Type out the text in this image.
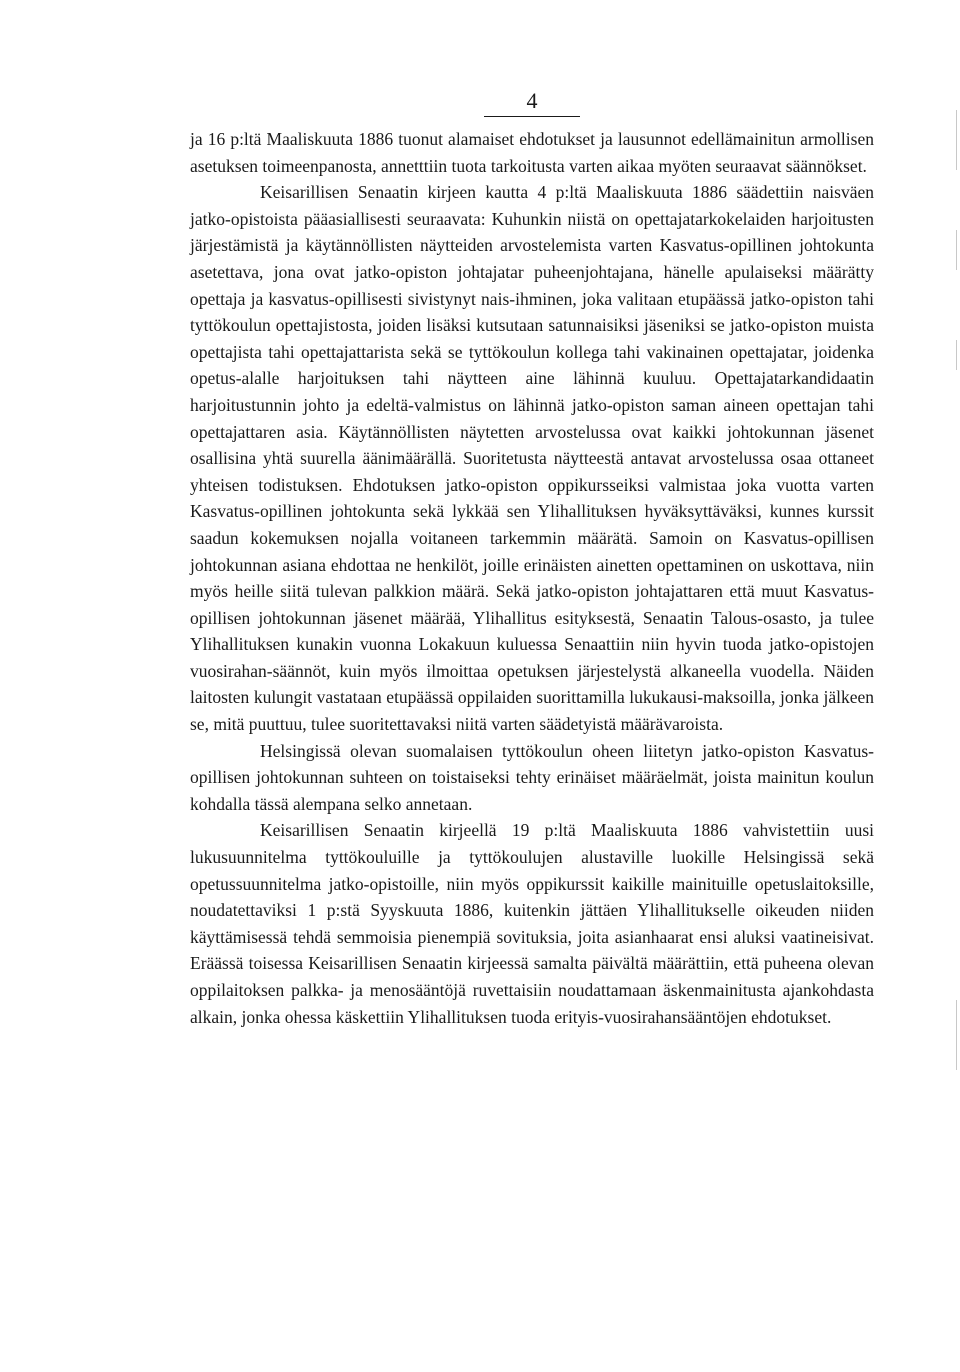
4

ja 16 p:ltä Maaliskuuta 1886 tuonut alamaiset ehdotukset ja lausunnot edellämainitun armollisen asetuksen toimeenpanosta, annetttiin tuota tarkoitusta varten aikaa myöten seuraavat säännökset.

Keisarillisen Senaatin kirjeen kautta 4 p:ltä Maaliskuuta 1886 säädettiin naisväen jatko-opistoista pääasiallisesti seuraavata: Kuhunkin niistä on opettajatarkokelaiden harjoitusten järjestämistä ja käytännöllisten näytteiden arvostelemista varten Kasvatus-opillinen johtokunta asetettava, jona ovat jatko-opiston johtajatar puheenjohtajana, hänelle apulaiseksi määrätty opettaja ja kasvatus-opillisesti sivistynyt nais-ihminen, joka valitaan etupäässä jatko-opiston tahi tyttökoulun opettajistosta, joiden lisäksi kutsutaan satunnaisiksi jäseniksi se jatko-opiston muista opettajista tahi opettajattarista sekä se tyttökoulun kollega tahi vakinainen opettajatar, joidenka opetus-alalle harjoituksen tahi näytteen aine lähinnä kuuluu. Opettajatarkandidaatin harjoitustunnin johto ja edeltä-valmistus on lähinnä jatko-opiston saman aineen opettajan tahi opettajattaren asia. Käytännöllisten näytetten arvostelussa ovat kaikki johtokunnan jäsenet osallisina yhtä suurella äänimäärällä. Suoritetusta näytteestä antavat arvostelussa osaa ottaneet yhteisen todistuksen. Ehdotuksen jatko-opiston oppikursseiksi valmistaa joka vuotta varten Kasvatus-opillinen johtokunta sekä lykkää sen Ylihallituksen hyväksyttäväksi, kunnes kurssit saadun kokemuksen nojalla voitaneen tarkemmin määrätä. Samoin on Kasvatus-opillisen johtokunnan asiana ehdottaa ne henkilöt, joille erinäisten ainetten opettaminen on uskottava, niin myös heille siitä tulevan palkkion määrä. Sekä jatko-opiston johtajattaren että muut Kasvatus-opillisen johtokunnan jäsenet määrää, Ylihallitus esityksestä, Senaatin Talous-osasto, ja tulee Ylihallituksen kunakin vuonna Lokakuun kuluessa Senaattiin niin hyvin tuoda jatko-opistojen vuosirahan-säännöt, kuin myös ilmoittaa opetuksen järjestelystä alkaneella vuodella. Näiden laitosten kulungit vastataan etupäässä oppilaiden suorittamilla lukukausi-maksoilla, jonka jälkeen se, mitä puuttuu, tulee suoritettavaksi niitä varten säädetyistä määrävaroista.

Helsingissä olevan suomalaisen tyttökoulun oheen liitetyn jatko-opiston Kasvatus-opillisen johtokunnan suhteen on toistaiseksi tehty erinäiset määräelmät, joista mainitun koulun kohdalla tässä alempana selko annetaan.

Keisarillisen Senaatin kirjeellä 19 p:ltä Maaliskuuta 1886 vahvistettiin uusi lukusuunnitelma tyttökouluille ja tyttökoulujen alustaville luokille Helsingissä sekä opetussuunnitelma jatko-opistoille, niin myös oppikurssit kaikille mainituille opetuslaitoksille, noudatettaviksi 1 p:stä Syyskuuta 1886, kuitenkin jättäen Ylihallitukselle oikeuden niiden käyttämisessä tehdä semmoisia pienempiä sovituksia, joita asianhaarat ensi aluksi vaatineisivat. Eräässä toisessa Keisarillisen Senaatin kirjeessä samalta päivältä määrättiin, että puheena olevan oppilaitoksen palkka- ja menosääntöjä ruvettaisiin noudattamaan äskenmainitusta ajankohdasta alkain, jonka ohessa käskettiin Ylihallituksen tuoda erityis-vuosirahansääntöjen ehdotukset.
